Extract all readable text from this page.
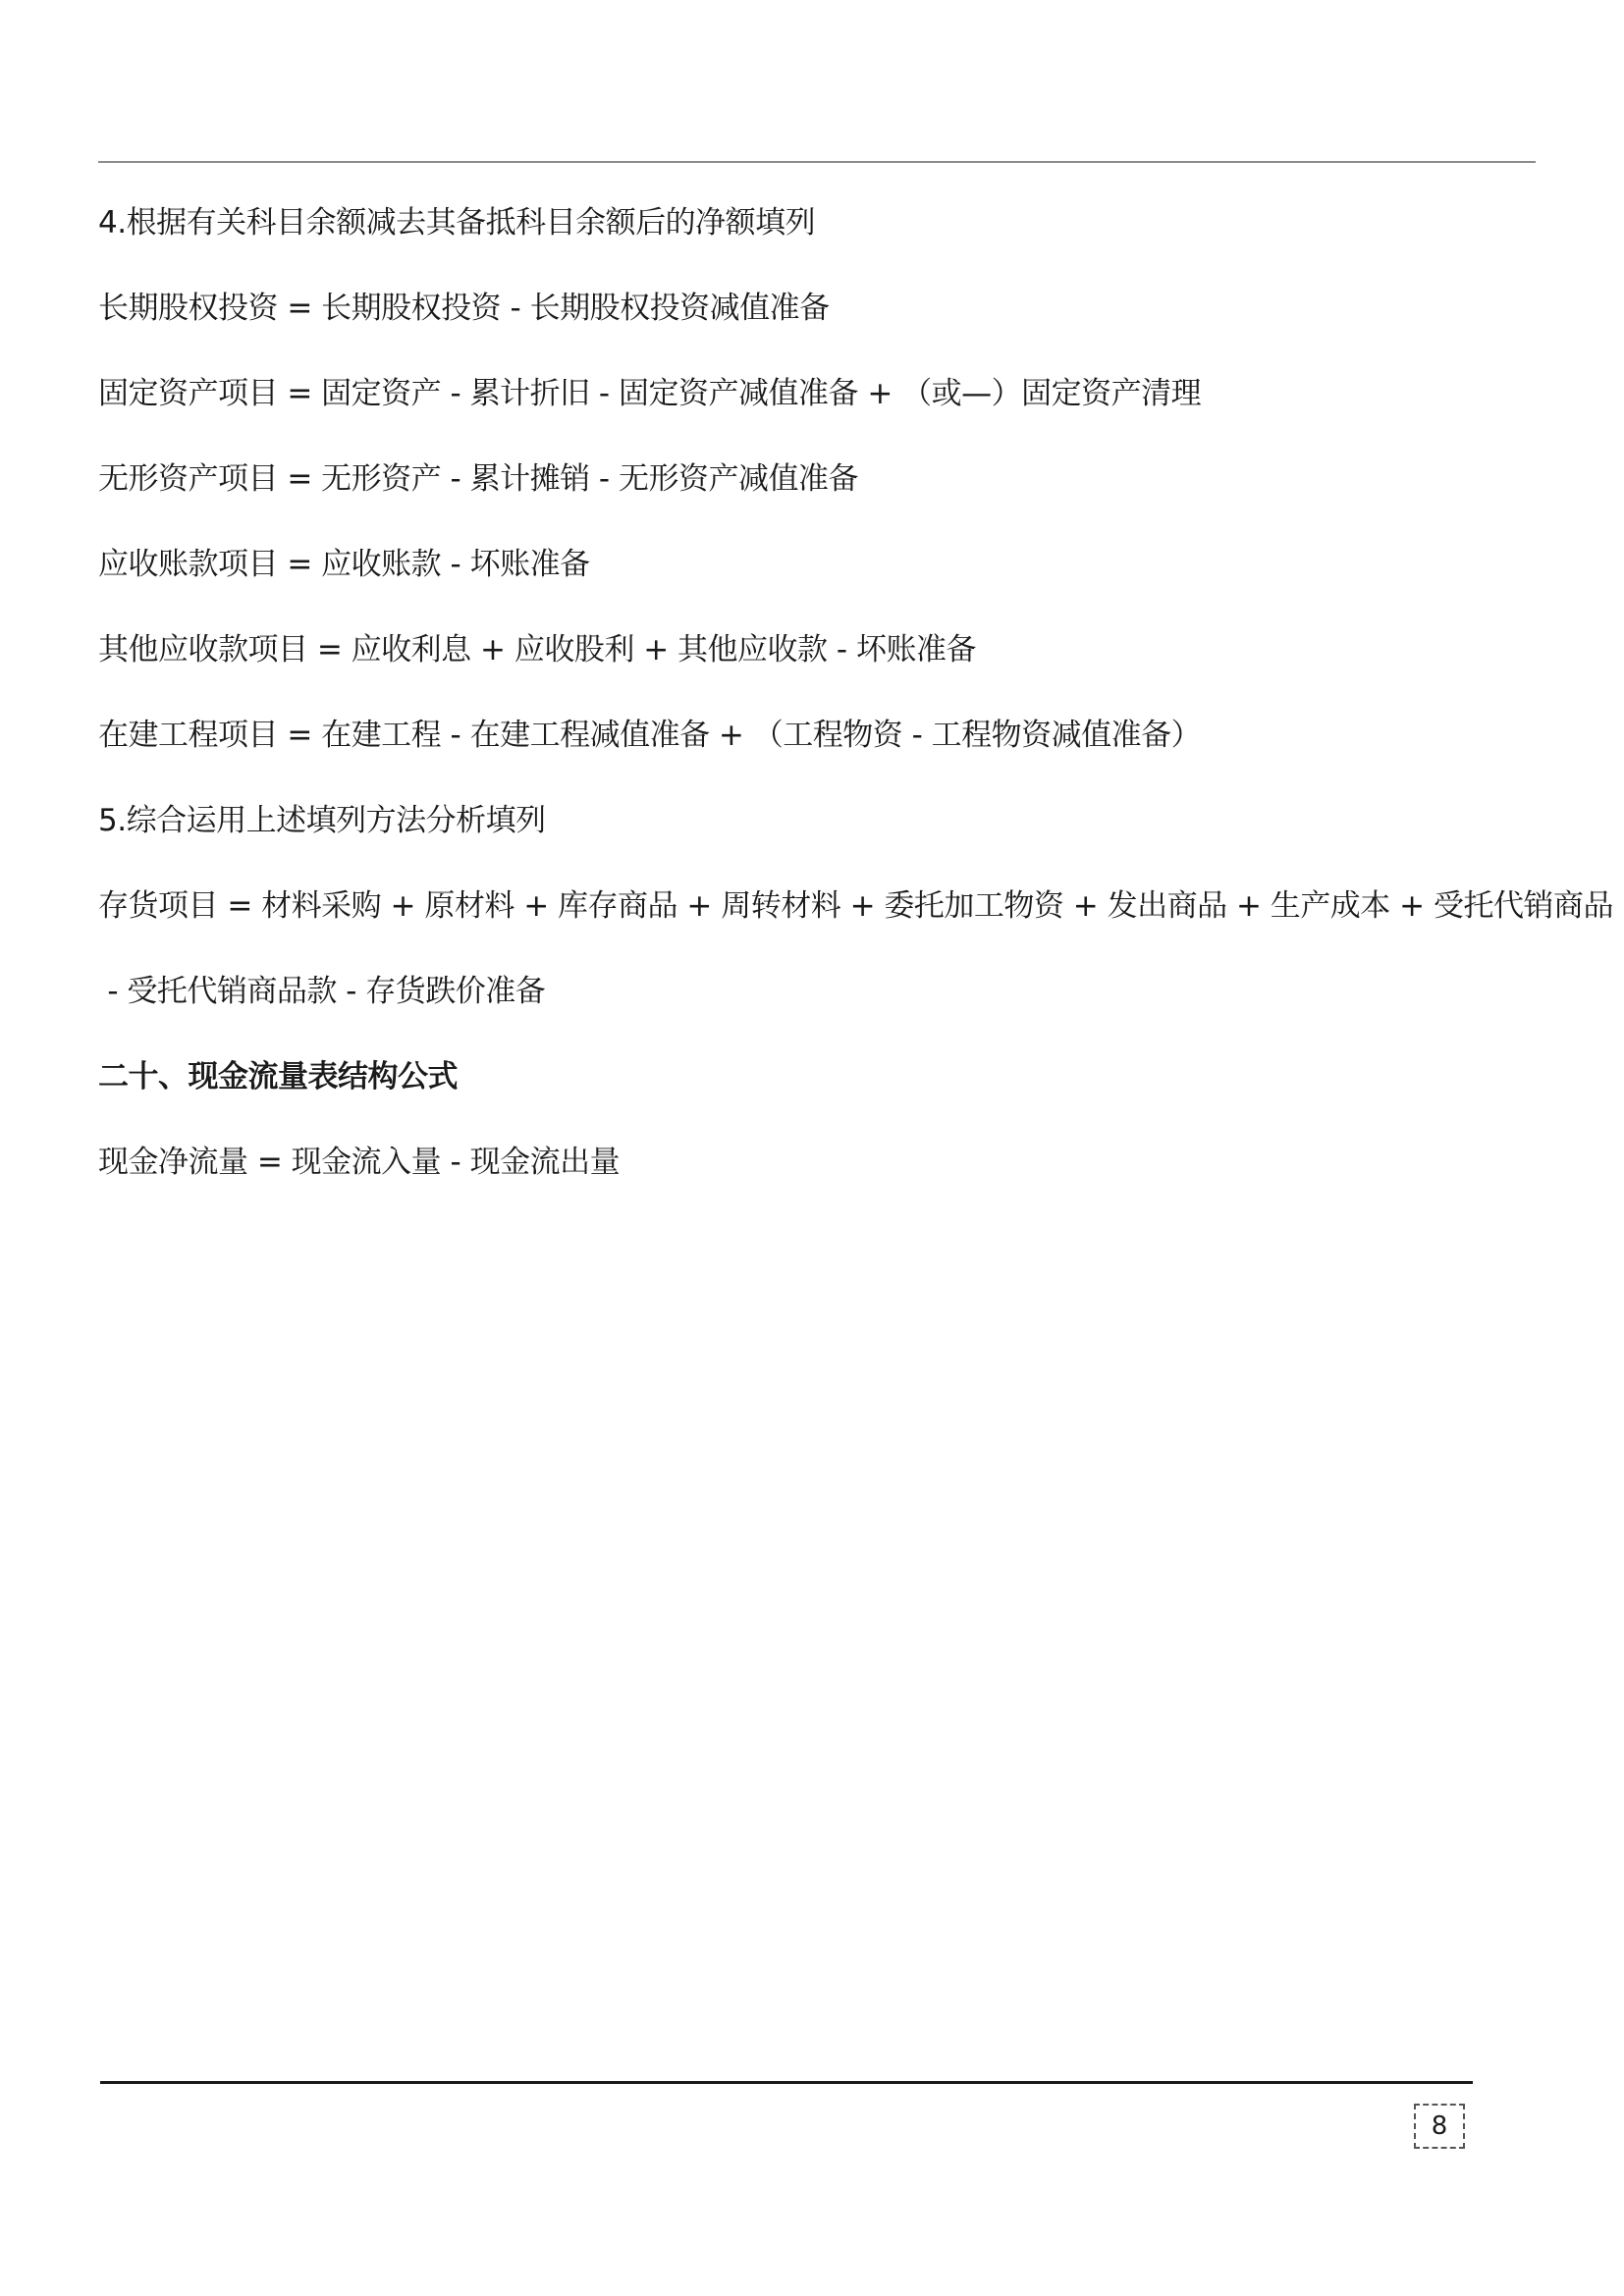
4.根据有关科目余额减去其备抵科目余额后的净额填列
长期股权投资 = 长期股权投资 - 长期股权投资减值准备
固定资产项目 = 固定资产 - 累计折旧 - 固定资产减值准备 + （或—）固定资产清理
无形资产项目 = 无形资产 - 累计摊销 - 无形资产减值准备
应收账款项目 = 应收账款 - 坏账准备
其他应收款项目 = 应收利息 + 应收股利 + 其他应收款 - 坏账准备
在建工程项目 = 在建工程 - 在建工程减值准备 + （工程物资 - 工程物资减值准备）
5.综合运用上述填列方法分析填列
存货项目 = 材料采购 + 原材料 + 库存商品 + 周转材料 + 委托加工物资 + 发出商品 + 生产成本 + 受托代销商品
- 受托代销商品款 - 存货跌价准备
二十、现金流量表结构公式
现金净流量 = 现金流入量 - 现金流出量
8
